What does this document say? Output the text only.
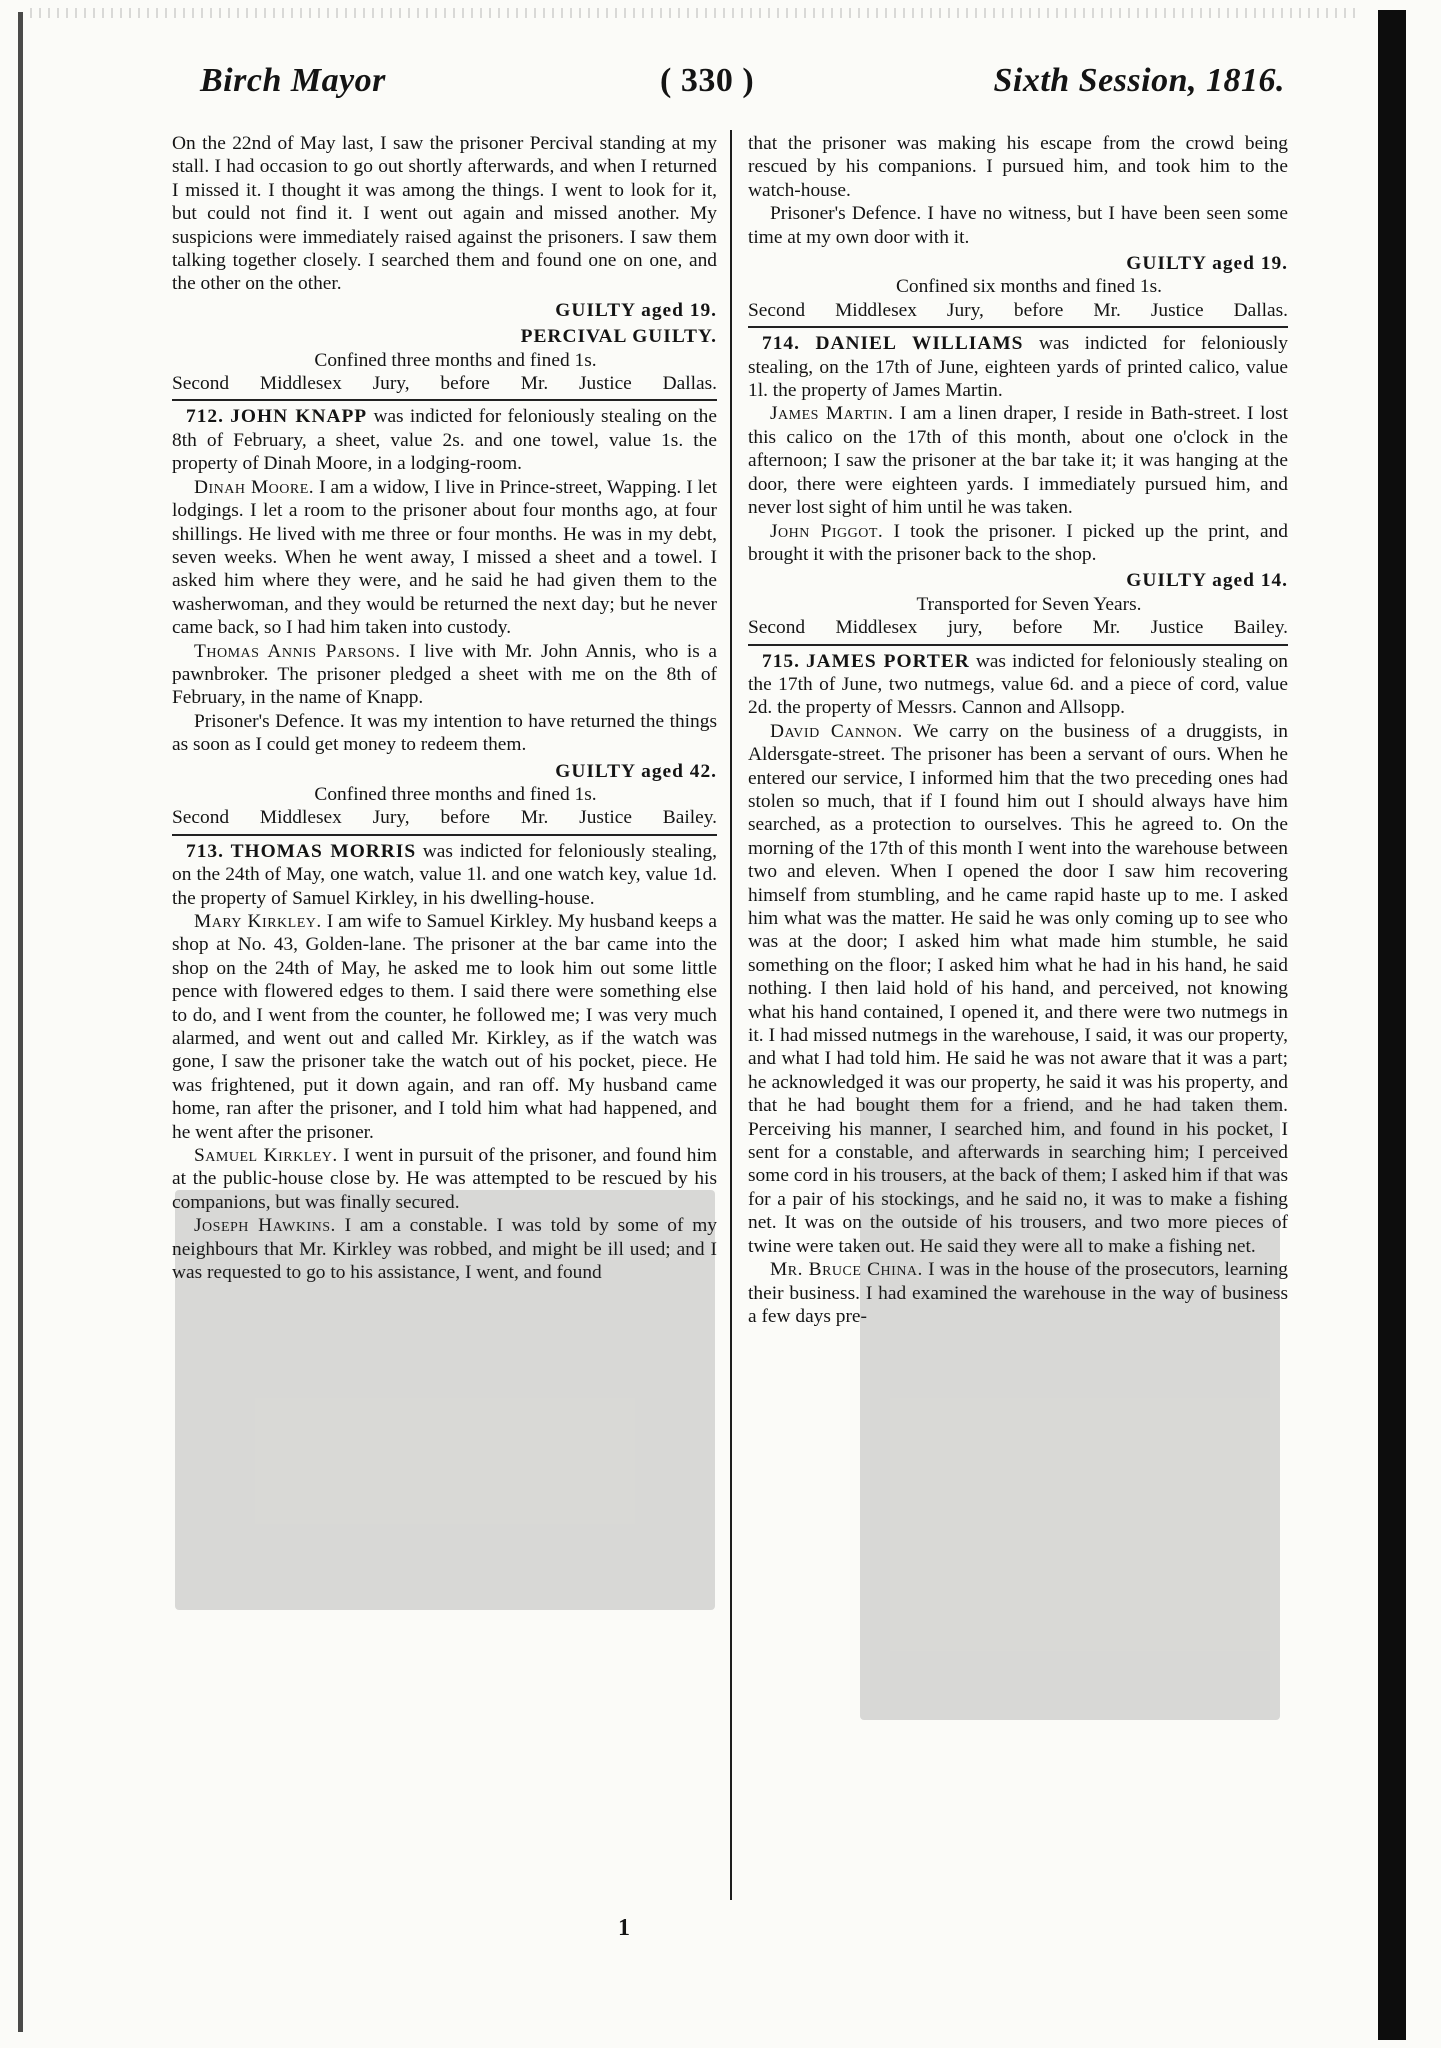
Birch Mayor	( 330 )	Sixth Session, 1816.

On the 22nd of May last, I saw the prisoner Percival standing at my stall. I had occasion to go out shortly afterwards, and when I returned I missed it. I thought it was among the things. I went to look for it, but could not find it. I went out again and missed another. My suspicions were immediately raised against the prisoners. I saw them talking together closely. I searched them and found one on one, and the other on the other.

GUILTY aged 19.

PERCIVAL GUILTY.

Confined three months and fined 1s.

Second Middlesex Jury, before Mr. Justice Dallas.

712. JOHN KNAPP was indicted for feloniously stealing on the 8th of February, a sheet, value 2s. and one towel, value 1s. the property of Dinah Moore, in a lodging-room.

Dinah Moore. I am a widow, I live in Prince-street, Wapping. I let lodgings. I let a room to the prisoner about four months ago, at four shillings. He lived with me three or four months. He was in my debt, seven weeks. When he went away, I missed a sheet and a towel. I asked him where they were, and he said he had given them to the washerwoman, and they would be returned the next day; but he never came back, so I had him taken into custody.

Thomas Annis Parsons. I live with Mr. John Annis, who is a pawnbroker. The prisoner pledged a sheet with me on the 8th of February, in the name of Knapp.

Prisoner's Defence. It was my intention to have returned the things as soon as I could get money to redeem them.

GUILTY aged 42.

Confined three months and fined 1s.

Second Middlesex Jury, before Mr. Justice Bailey.

713. THOMAS MORRIS was indicted for feloniously stealing, on the 24th of May, one watch, value 1l. and one watch key, value 1d. the property of Samuel Kirkley, in his dwelling-house.

Mary Kirkley. I am wife to Samuel Kirkley. My husband keeps a shop at No. 43, Golden-lane. The prisoner at the bar came into the shop on the 24th of May, he asked me to look him out some little pence with flowered edges to them. I said there were something else to do, and I went from the counter, he followed me; I was very much alarmed, and went out and called Mr. Kirkley, as if the watch was gone, I saw the prisoner take the watch out of his pocket, piece. He was frightened, put it down again, and ran off. My husband came home, ran after the prisoner, and I told him what had happened, and he went after the prisoner.

Samuel Kirkley. I went in pursuit of the prisoner, and found him at the public-house close by. He was attempted to be rescued by his companions, but was finally secured.

Joseph Hawkins. I am a constable. I was told by some of my neighbours that Mr. Kirkley was robbed, and might be ill used; and I was requested to go to his assistance, I went, and found

that the prisoner was making his escape from the crowd being rescued by his companions. I pursued him, and took him to the watch-house.

Prisoner's Defence. I have no witness, but I have been seen some time at my own door with it.

GUILTY aged 19.

Confined six months and fined 1s.

Second Middlesex Jury, before Mr. Justice Dallas.

714. DANIEL WILLIAMS was indicted for feloniously stealing, on the 17th of June, eighteen yards of printed calico, value 1l. the property of James Martin.

James Martin. I am a linen draper, I reside in Bath-street. I lost this calico on the 17th of this month, about one o'clock in the afternoon; I saw the prisoner at the bar take it; it was hanging at the door, there were eighteen yards. I immediately pursued him, and never lost sight of him until he was taken.

John Piggot. I took the prisoner. I picked up the print, and brought it with the prisoner back to the shop.

GUILTY aged 14.

Transported for Seven Years.

Second Middlesex jury, before Mr. Justice Bailey.

715. JAMES PORTER was indicted for feloniously stealing on the 17th of June, two nutmegs, value 6d. and a piece of cord, value 2d. the property of Messrs. Cannon and Allsopp.

David Cannon. We carry on the business of a druggists, in Aldersgate-street. The prisoner has been a servant of ours. When he entered our service, I informed him that the two preceding ones had stolen so much, that if I found him out I should always have him searched, as a protection to ourselves. This he agreed to. On the morning of the 17th of this month I went into the warehouse between two and eleven. When I opened the door I saw him recovering himself from stumbling, and he came rapid haste up to me. I asked him what was the matter. He said he was only coming up to see who was at the door; I asked him what made him stumble, he said something on the floor; I asked him what he had in his hand, he said nothing. I then laid hold of his hand, and perceived, not knowing what his hand contained, I opened it, and there were two nutmegs in it. I had missed nutmegs in the warehouse, I said, it was our property, and what I had told him. He said he was not aware that it was a part; he acknowledged it was our property, he said it was his property, and that he had bought them for a friend, and he had taken them. Perceiving his manner, I searched him, and found in his pocket, I sent for a constable, and afterwards in searching him; I perceived some cord in his trousers, at the back of them; I asked him if that was for a pair of his stockings, and he said no, it was to make a fishing net. It was on the outside of his trousers, and two more pieces of twine were taken out. He said they were all to make a fishing net.

Mr. Bruce China. I was in the house of the prosecutors, learning their business. I had examined the warehouse in the way of business a few days pre-

1
